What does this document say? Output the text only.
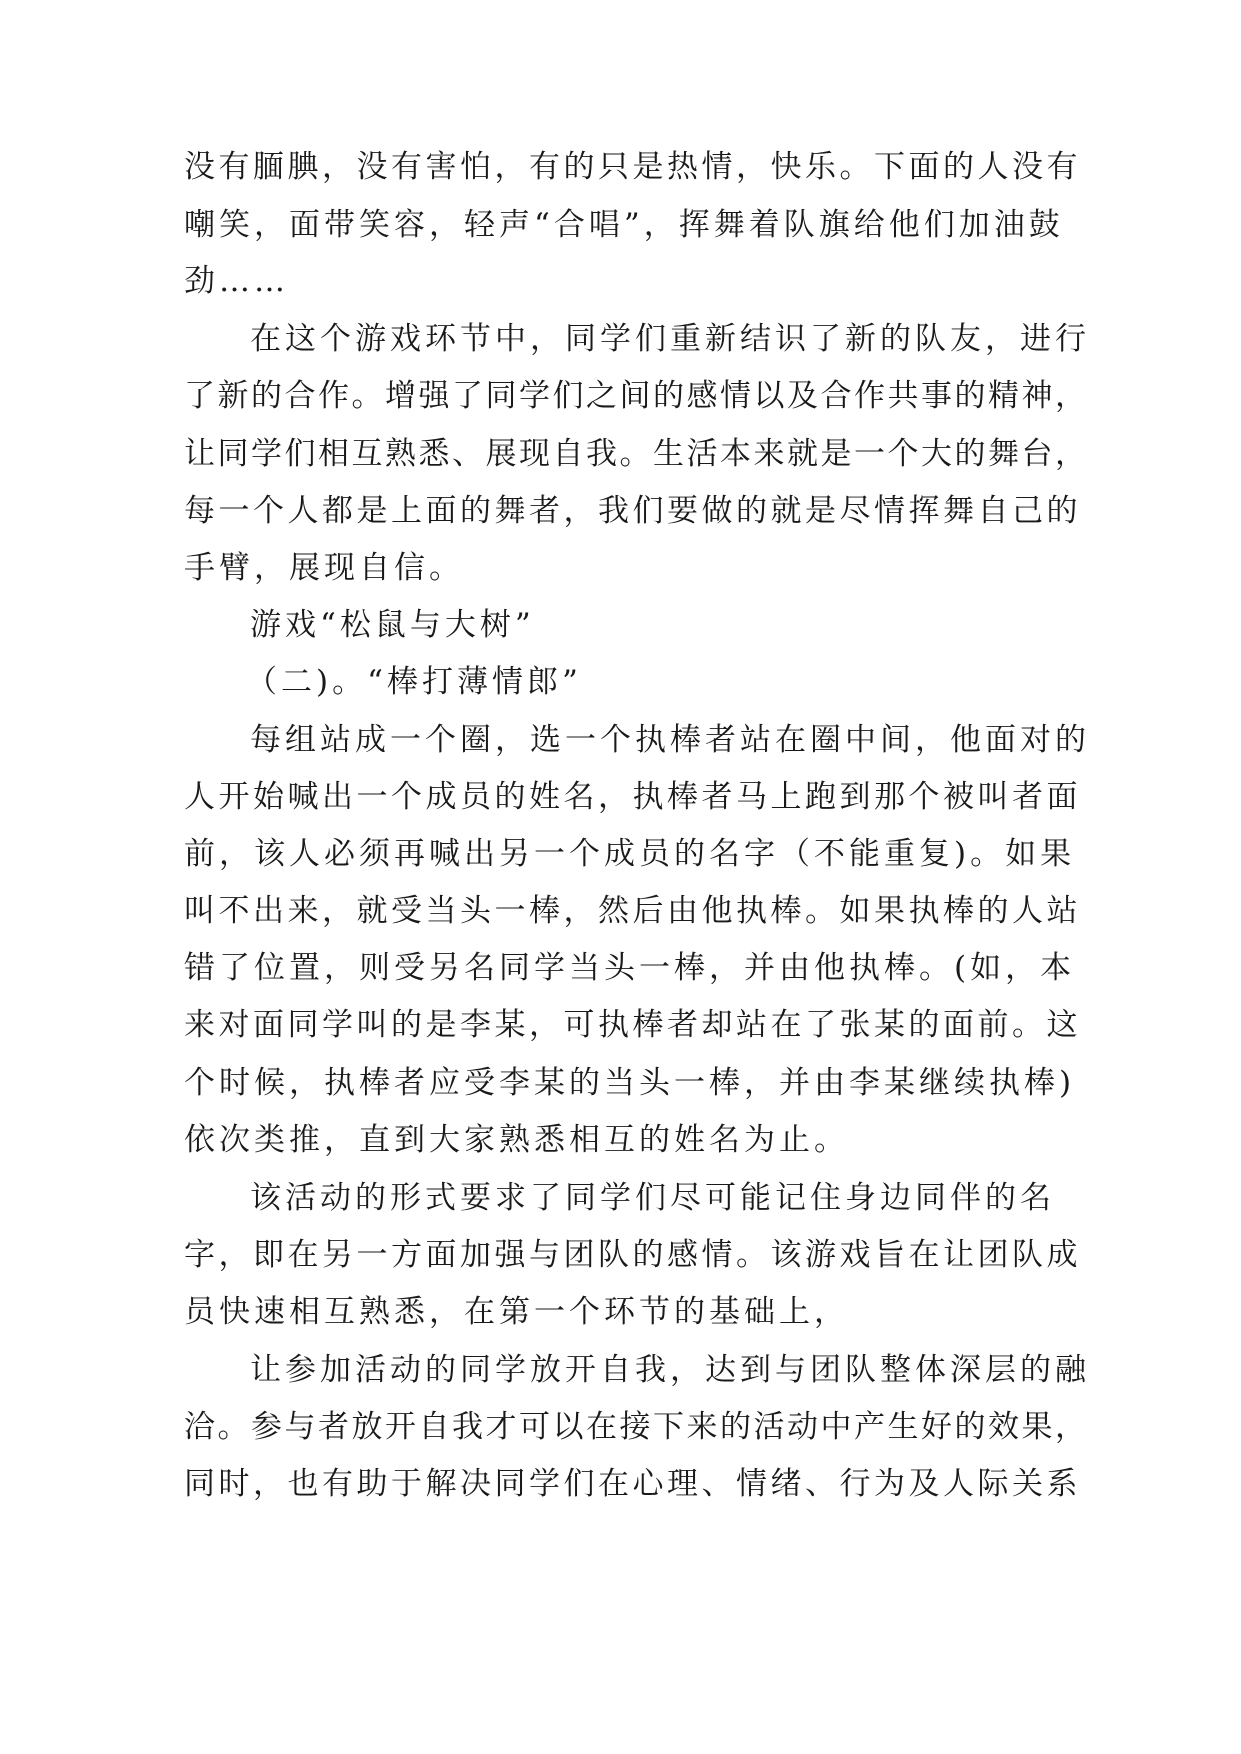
没有腼腆，没有害怕，有的只是热情，快乐。下面的人没有
嘲笑，面带笑容，轻声“合唱”，挥舞着队旗给他们加油鼓
劲……
在这个游戏环节中，同学们重新结识了新的队友，进行
了新的合作。增强了同学们之间的感情以及合作共事的精神，
让同学们相互熟悉、展现自我。生活本来就是一个大的舞台，
每一个人都是上面的舞者，我们要做的就是尽情挥舞自己的
手臂，展现自信。
游戏“松鼠与大树”
（二)。“棒打薄情郎”
每组站成一个圈，选一个执棒者站在圈中间，他面对的
人开始喊出一个成员的姓名，执棒者马上跑到那个被叫者面
前，该人必须再喊出另一个成员的名字（不能重复)。如果
叫不出来，就受当头一棒，然后由他执棒。如果执棒的人站
错了位置，则受另名同学当头一棒，并由他执棒。(如，本
来对面同学叫的是李某，可执棒者却站在了张某的面前。这
个时候，执棒者应受李某的当头一棒，并由李某继续执棒)
依次类推，直到大家熟悉相互的姓名为止。
该活动的形式要求了同学们尽可能记住身边同伴的名
字，即在另一方面加强与团队的感情。该游戏旨在让团队成
员快速相互熟悉，在第一个环节的基础上，
让参加活动的同学放开自我，达到与团队整体深层的融
洽。参与者放开自我才可以在接下来的活动中产生好的效果，
同时，也有助于解决同学们在心理、情绪、行为及人际关系
